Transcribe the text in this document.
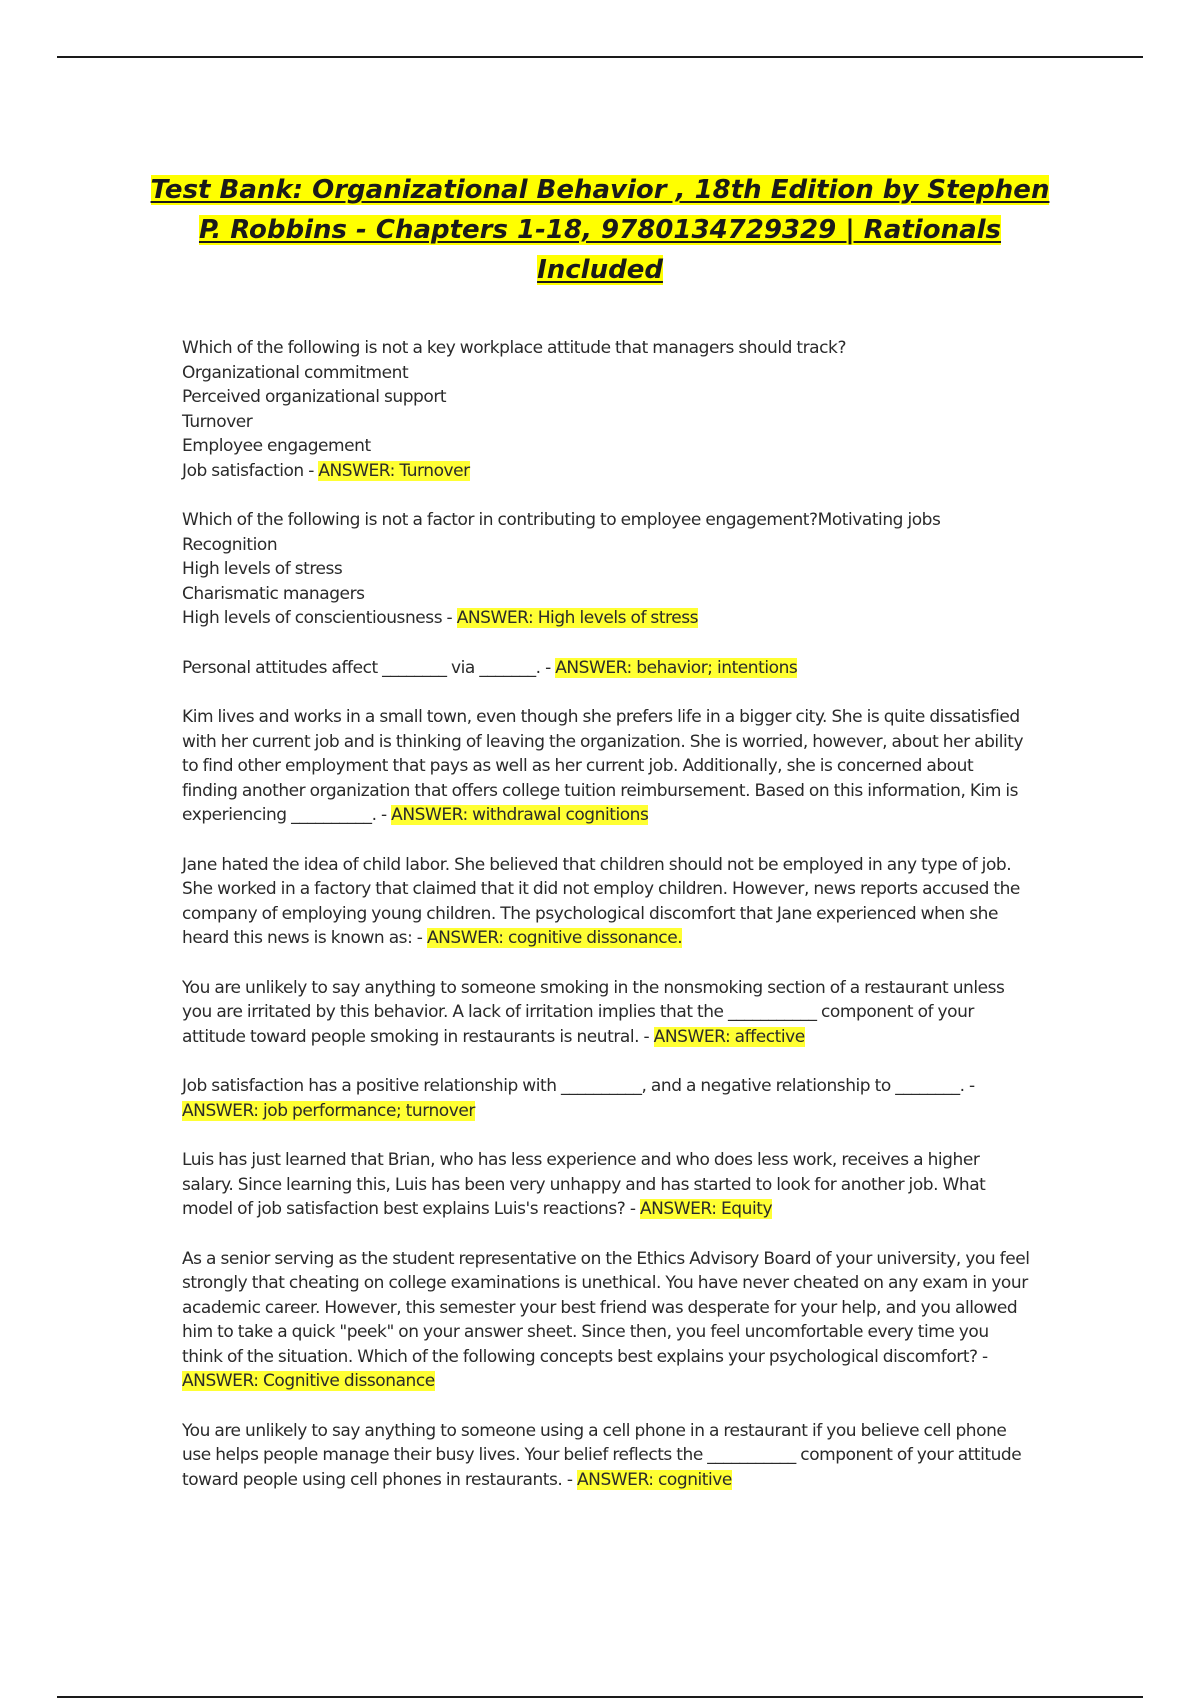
Test Bank: Organizational Behavior , 18th Edition by Stephen P. Robbins - Chapters 1-18, 9780134729329 | Rationals Included

Which of the following is not a key workplace attitude that managers should track?

Organizational commitment

Perceived organizational support

Turnover

Employee engagement

Job satisfaction - ANSWER: Turnover

Which of the following is not a factor in contributing to employee engagement?Motivating jobs

Recognition

High levels of stress

Charismatic managers

High levels of conscientiousness - ANSWER: High levels of stress

Personal attitudes affect ________ via _______. - ANSWER: behavior; intentions

Kim lives and works in a small town, even though she prefers life in a bigger city. She is quite dissatisfied with her current job and is thinking of leaving the organization. She is worried, however, about her ability to find other employment that pays as well as her current job. Additionally, she is concerned about finding another organization that offers college tuition reimbursement. Based on this information, Kim is experiencing __________. - ANSWER: withdrawal cognitions

Jane hated the idea of child labor. She believed that children should not be employed in any type of job. She worked in a factory that claimed that it did not employ children. However, news reports accused the company of employing young children. The psychological discomfort that Jane experienced when she heard this news is known as: - ANSWER: cognitive dissonance.

You are unlikely to say anything to someone smoking in the nonsmoking section of a restaurant unless you are irritated by this behavior. A lack of irritation implies that the ___________ component of your attitude toward people smoking in restaurants is neutral. - ANSWER: affective

Job satisfaction has a positive relationship with __________, and a negative relationship to ________. - ANSWER: job performance; turnover

Luis has just learned that Brian, who has less experience and who does less work, receives a higher salary. Since learning this, Luis has been very unhappy and has started to look for another job. What model of job satisfaction best explains Luis's reactions? - ANSWER: Equity

As a senior serving as the student representative on the Ethics Advisory Board of your university, you feel strongly that cheating on college examinations is unethical. You have never cheated on any exam in your academic career. However, this semester your best friend was desperate for your help, and you allowed him to take a quick "peek" on your answer sheet. Since then, you feel uncomfortable every time you think of the situation. Which of the following concepts best explains your psychological discomfort? - ANSWER: Cognitive dissonance

You are unlikely to say anything to someone using a cell phone in a restaurant if you believe cell phone use helps people manage their busy lives. Your belief reflects the ___________ component of your attitude toward people using cell phones in restaurants. - ANSWER: cognitive
